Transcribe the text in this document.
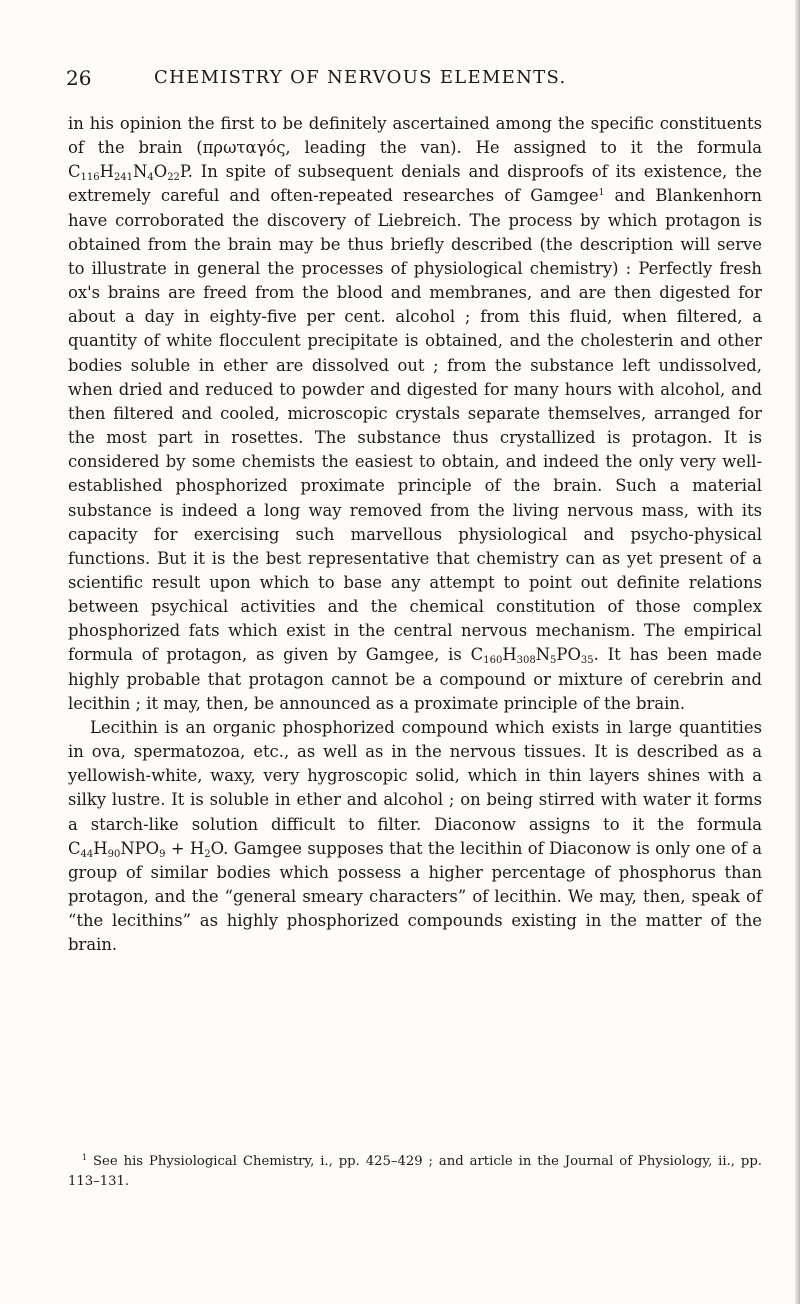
26	CHEMISTRY OF NERVOUS ELEMENTS.

in his opinion the first to be definitely ascertained among the specific constituents of the brain (πρωταγός, leading the van). He assigned to it the formula $C_{116}H_{241}N_4O_{22}P$. In spite of subsequent denials and disproofs of its existence, the extremely careful and often-repeated researches of Gamgee$^1$ and Blankenhorn have corroborated the discovery of Liebreich. The process by which protagon is obtained from the brain may be thus briefly described (the description will serve to illustrate in general the processes of physiological chemistry) : Perfectly fresh ox's brains are freed from the blood and membranes, and are then digested for about a day in eighty-five per cent. alcohol ; from this fluid, when filtered, a quantity of white flocculent precipitate is obtained, and the cholesterin and other bodies soluble in ether are dissolved out ; from the substance left undissolved, when dried and reduced to powder and digested for many hours with alcohol, and then filtered and cooled, microscopic crystals separate themselves, arranged for the most part in rosettes. The substance thus crystallized is protagon. It is considered by some chemists the easiest to obtain, and indeed the only very well-established phosphorized proximate principle of the brain. Such a material substance is indeed a long way removed from the living nervous mass, with its capacity for exercising such marvellous physiological and psycho-physical functions. But it is the best representative that chemistry can as yet present of a scientific result upon which to base any attempt to point out definite relations between psychical activities and the chemical constitution of those complex phosphorized fats which exist in the central nervous mechanism. The empirical formula of protagon, as given by Gamgee, is $C_{160}H_{308}N_5PO_{35}$. It has been made highly probable that protagon cannot be a compound or mixture of cerebrin and lecithin ; it may, then, be announced as a proximate principle of the brain.

Lecithin is an organic phosphorized compound which exists in large quantities in ova, spermatozoa, etc., as well as in the nervous tissues. It is described as a yellowish-white, waxy, very hygroscopic solid, which in thin layers shines with a silky lustre. It is soluble in ether and alcohol ; on being stirred with water it forms a starch-like solution difficult to filter. Diaconow assigns to it the formula $C_{44}H_{90}NPO_9 + H_2O$. Gamgee supposes that the lecithin of Diaconow is only one of a group of similar bodies which possess a higher percentage of phosphorus than protagon, and the “general smeary characters” of lecithin. We may, then, speak of “the lecithins” as highly phosphorized compounds existing in the matter of the brain.

$^1$ See his Physiological Chemistry, i., pp. 425–429 ; and article in the Journal of Physiology, ii., pp. 113–131.
